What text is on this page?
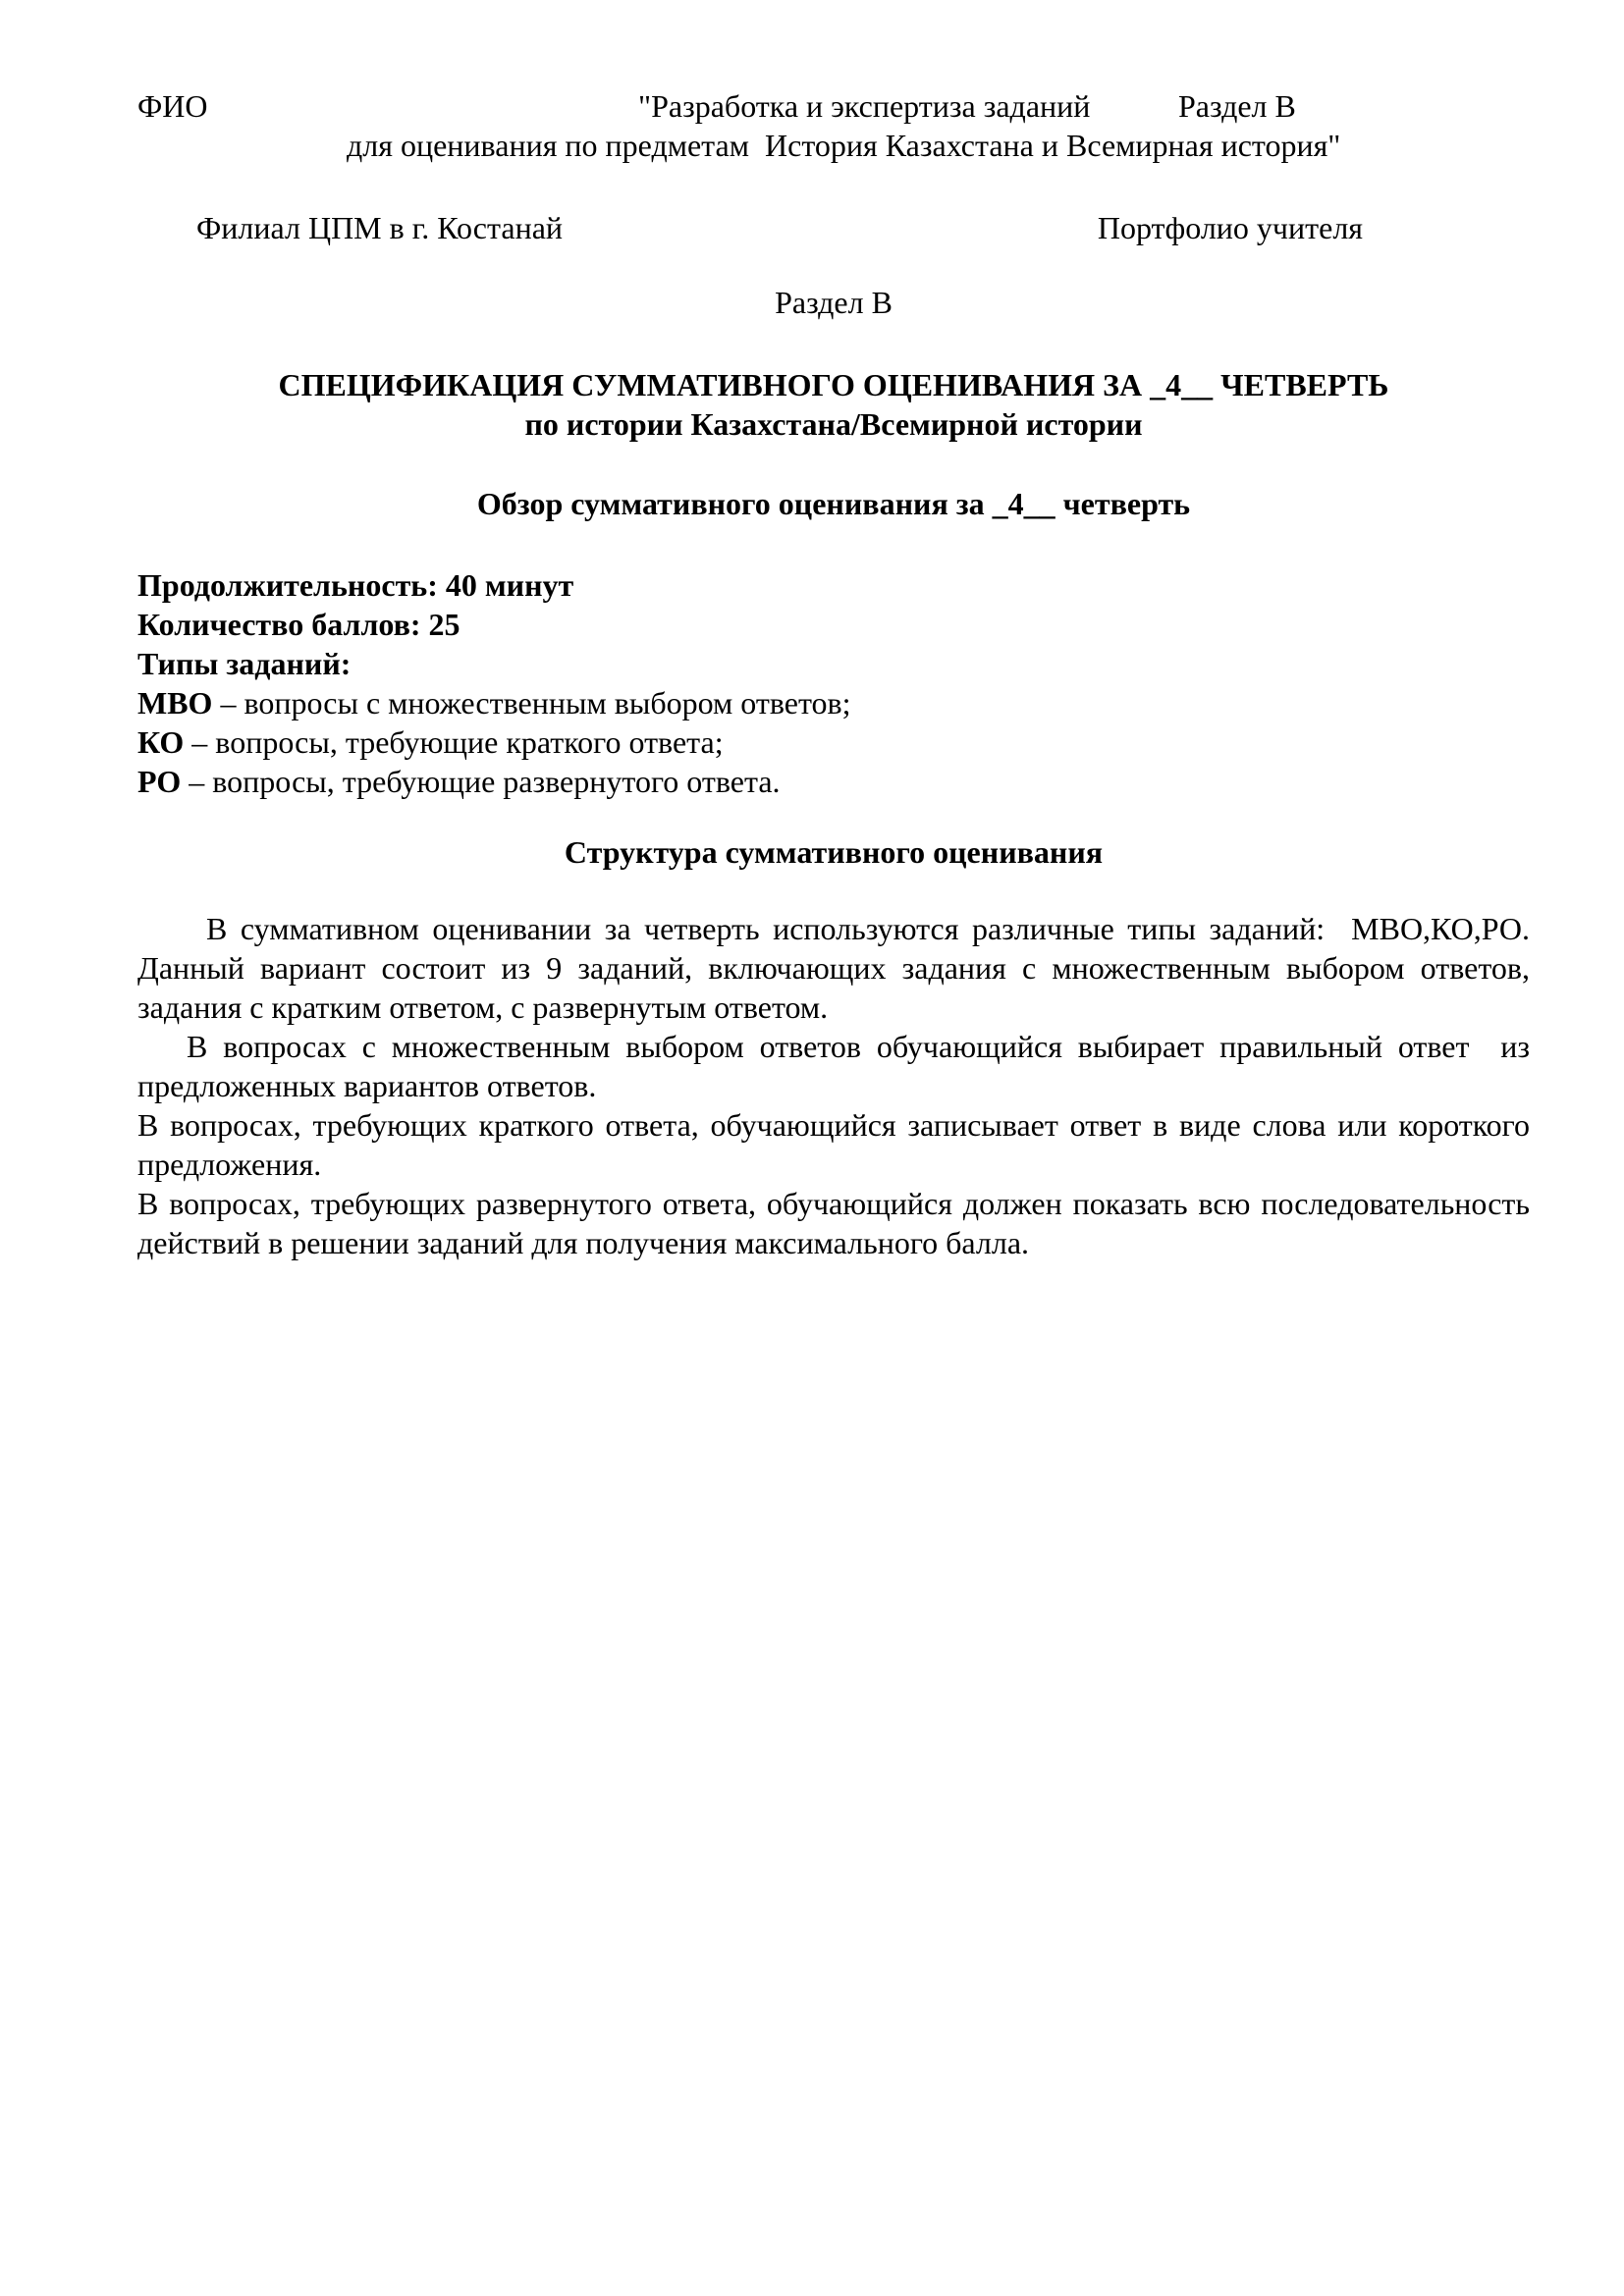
ФИО	"Разработка и экспертиза заданий	Раздел В
для оценивания по предметам  История Казахстана и Всемирная история"
Филиал ЦПМ в г. Костанай	Портфолио учителя
Раздел В
СПЕЦИФИКАЦИЯ СУММАТИВНОГО ОЦЕНИВАНИЯ ЗА _4__ ЧЕТВЕРТЬ
по истории Казахстана/Всемирной истории
Обзор суммативного оценивания за _4__ четверть
Продолжительность: 40 минут
Количество баллов: 25
Типы заданий:
МВО – вопросы с множественным выбором ответов;
КО – вопросы, требующие краткого ответа;
РО – вопросы, требующие развернутого ответа.
Структура суммативного оценивания
В суммативном оценивании за четверть используются различные типы заданий:  МВО,КО,РО. Данный вариант состоит из 9 заданий, включающих задания с множественным выбором ответов, задания с кратким ответом, с развернутым ответом.
В вопросах с множественным выбором ответов обучающийся выбирает правильный ответ  из предложенных вариантов ответов.
В вопросах, требующих краткого ответа, обучающийся записывает ответ в виде слова или короткого предложения.
В вопросах, требующих развернутого ответа, обучающийся должен показать всю последовательность действий в решении заданий для получения максимального балла.
